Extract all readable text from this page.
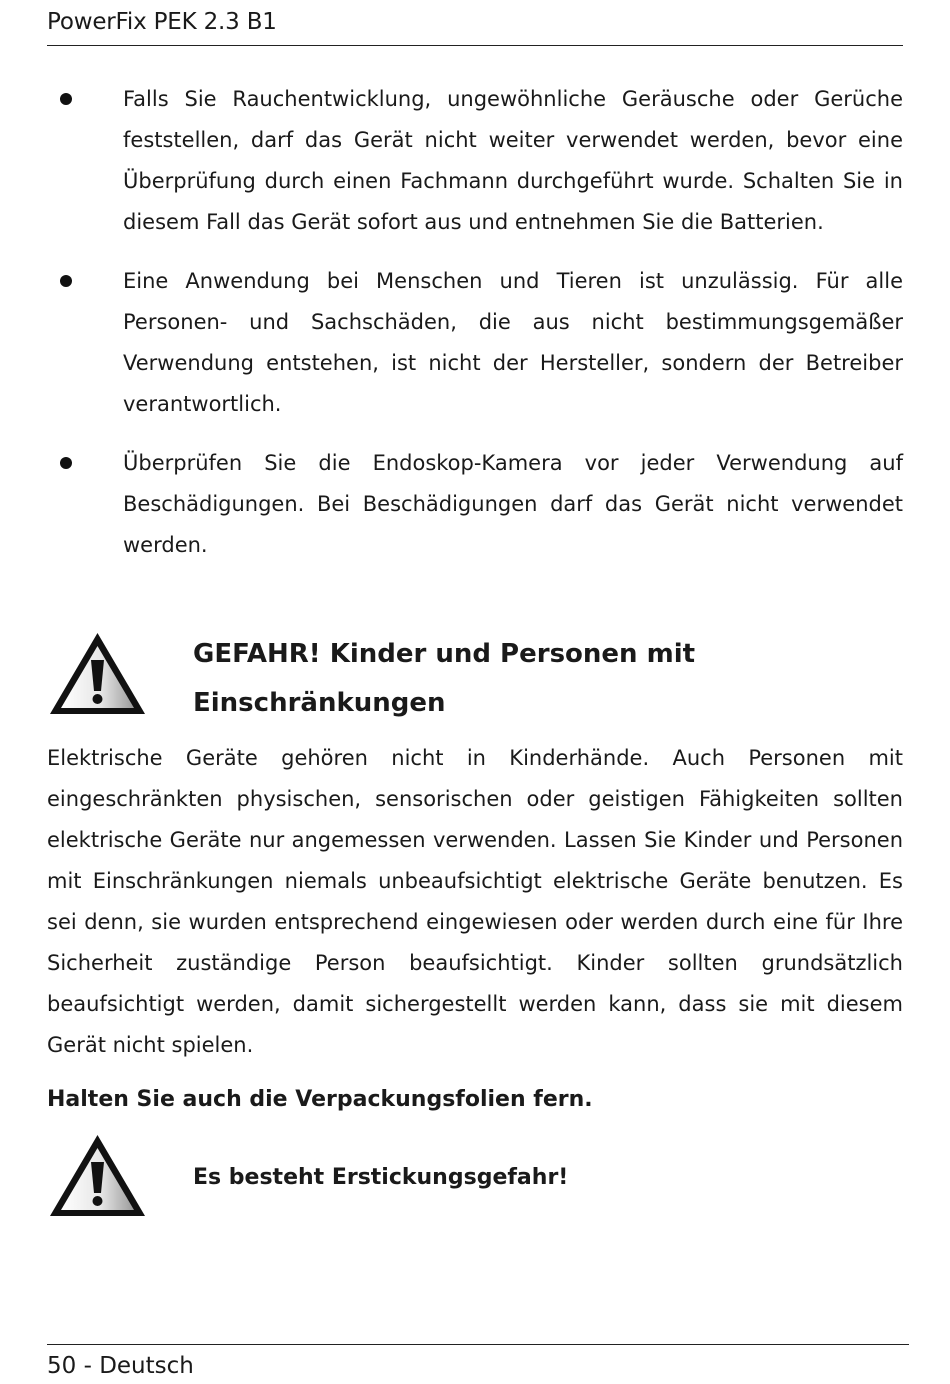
PowerFix PEK 2.3 B1
Falls Sie Rauchentwicklung, ungewöhnliche Geräusche oder Gerüche feststellen, darf das Gerät nicht weiter verwendet werden, bevor eine Überprüfung durch einen Fachmann durchgeführt wurde. Schalten Sie in diesem Fall das Gerät sofort aus und entnehmen Sie die Batterien.
Eine Anwendung bei Menschen und Tieren ist unzulässig. Für alle Personen- und Sachschäden, die aus nicht bestimmungsgemäßer Verwendung entstehen, ist nicht der Hersteller, sondern der Betreiber verantwortlich.
Überprüfen Sie die Endoskop-Kamera vor jeder Verwendung auf Beschädigungen. Bei Beschädigungen darf das Gerät nicht verwendet werden.
GEFAHR! Kinder und Personen mit
Einschränkungen
Elektrische Geräte gehören nicht in Kinderhände. Auch Personen mit eingeschränkten physischen, sensorischen oder geistigen Fähigkeiten sollten elektrische Geräte nur angemessen verwenden. Lassen Sie Kinder und Personen mit Einschränkungen niemals unbeaufsichtigt elektrische Geräte benutzen. Es sei denn, sie wurden entsprechend eingewiesen oder werden durch eine für Ihre Sicherheit zuständige Person beaufsichtigt. Kinder sollten grundsätzlich beaufsichtigt werden, damit sichergestellt werden kann, dass sie mit diesem Gerät nicht spielen.
Halten Sie auch die Verpackungsfolien fern.
Es besteht Erstickungsgefahr!
50 - Deutsch
